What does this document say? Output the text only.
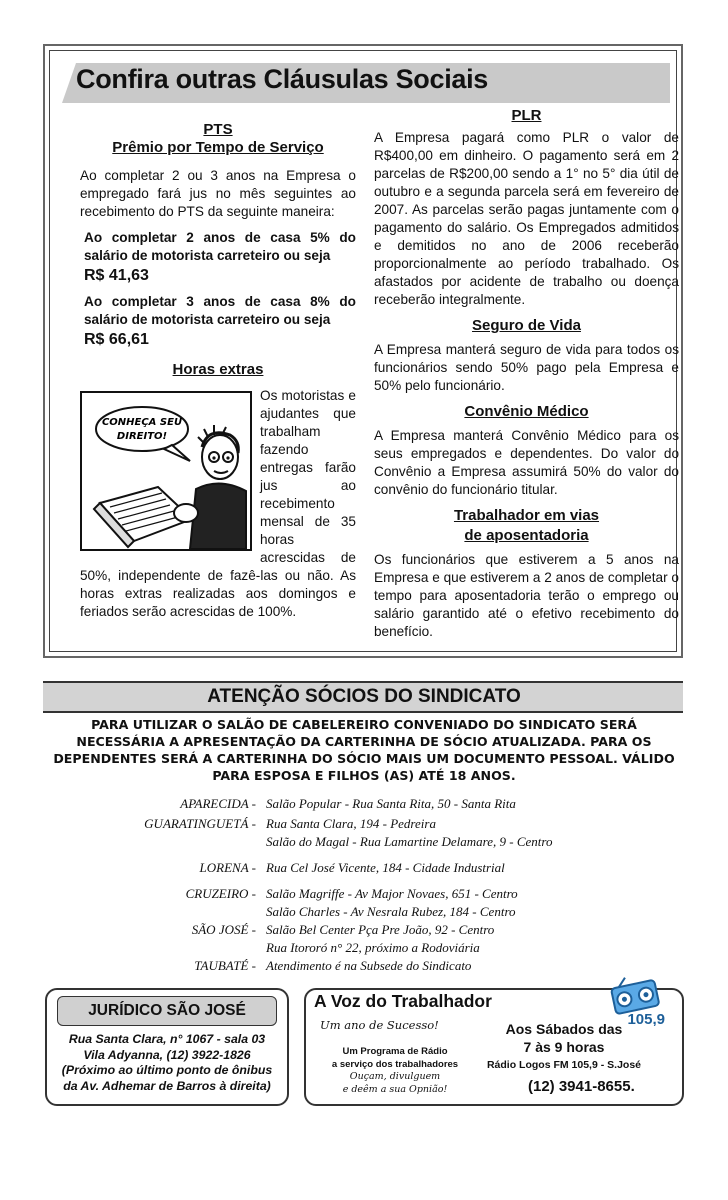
Confira outras Cláusulas Sociais
PTS
Prêmio por Tempo de Serviço
Ao completar 2 ou 3 anos na Empresa o empregado fará jus no mês seguintes ao recebimento do PTS da seguinte maneira:
Ao completar 2 anos de casa 5% do salário de motorista carreteiro ou seja
R$ 41,63
Ao completar 3 anos de casa 8% do salário de motorista carreteiro ou seja
R$ 66,61
Horas extras
CONHEÇA SEU
DIREITO!
Os motoristas e ajudantes que trabalham fazendo entregas farão jus ao recebimento mensal de 35 horas acrescidas de 50%, independente de fazê-las ou não. As horas extras realizadas aos domingos e feriados serão acrescidas de 100%.
PLR
A Empresa pagará como PLR o valor de R$400,00 em dinheiro. O pagamento será em 2 parcelas de R$200,00 sendo a 1° no 5° dia útil de outubro e a segunda parcela será em fevereiro de 2007. As parcelas serão pagas juntamente com o pagamento do salário. Os Empregados admitidos e demitidos no ano de 2006 receberão proporcionalmente ao período trabalhado. Os afastados por acidente de trabalho ou doença receberão integralmente.
Seguro de Vida
A Empresa manterá seguro de vida para todos os funcionários sendo 50% pago pela Empresa e 50% pelo funcionário.
Convênio Médico
A Empresa manterá Convênio Médico para os seus empregados e dependentes. Do valor do Convênio a Empresa assumirá 50% do valor do convênio do funcionário titular.
Trabalhador em vias
de aposentadoria
Os funcionários que estiverem a 5 anos na Empresa e que estiverem a 2 anos de completar o tempo para aposentadoria terão o emprego ou salário garantido até o efetivo recebimento do benefício.
ATENÇÃO SÓCIOS DO SINDICATO
PARA UTILIZAR O SALÃO DE CABELEREIRO CONVENIADO DO SINDICATO SERÁ NECESSÁRIA A APRESENTAÇÃO DA CARTERINHA DE SÓCIO ATUALIZADA. PARA OS DEPENDENTES SERÁ A CARTERINHA DO SÓCIO MAIS UM DOCUMENTO PESSOAL. VÁLIDO PARA ESPOSA E FILHOS (AS) ATÉ 18 ANOS.
APARECIDA - Salão Popular - Rua Santa Rita, 50 - Santa Rita
GUARATINGUETÁ - Rua Santa Clara, 194 - Pedreira
Salão do Magal - Rua Lamartine Delamare, 9 - Centro
LORENA - Rua Cel José Vicente, 184 - Cidade Industrial
CRUZEIRO - Salão Magriffe - Av Major Novaes, 651 - Centro
Salão Charles - Av Nesrala Rubez, 184 - Centro
SÃO JOSÉ - Salão Bel Center Pça Pre João, 92 - Centro
Rua Itororó n° 22, próximo a Rodoviária
TAUBATÉ - Atendimento é na Subsede do Sindicato
JURÍDICO SÃO JOSÉ
Rua Santa Clara, n° 1067 - sala 03
Vila Adyanna, (12) 3922-1826
(Próximo ao último ponto de ônibus
da Av. Adhemar de Barros à direita)
A Voz do Trabalhador
Um ano de Sucesso!
Um Programa de Rádio
a serviço dos trabalhadores
Ouçam, divulguem
e deêm a sua Opnião!
Aos Sábados das
7 às 9 horas
Rádio Logos FM 105,9 - S.José
(12) 3941-8655.
105,9
